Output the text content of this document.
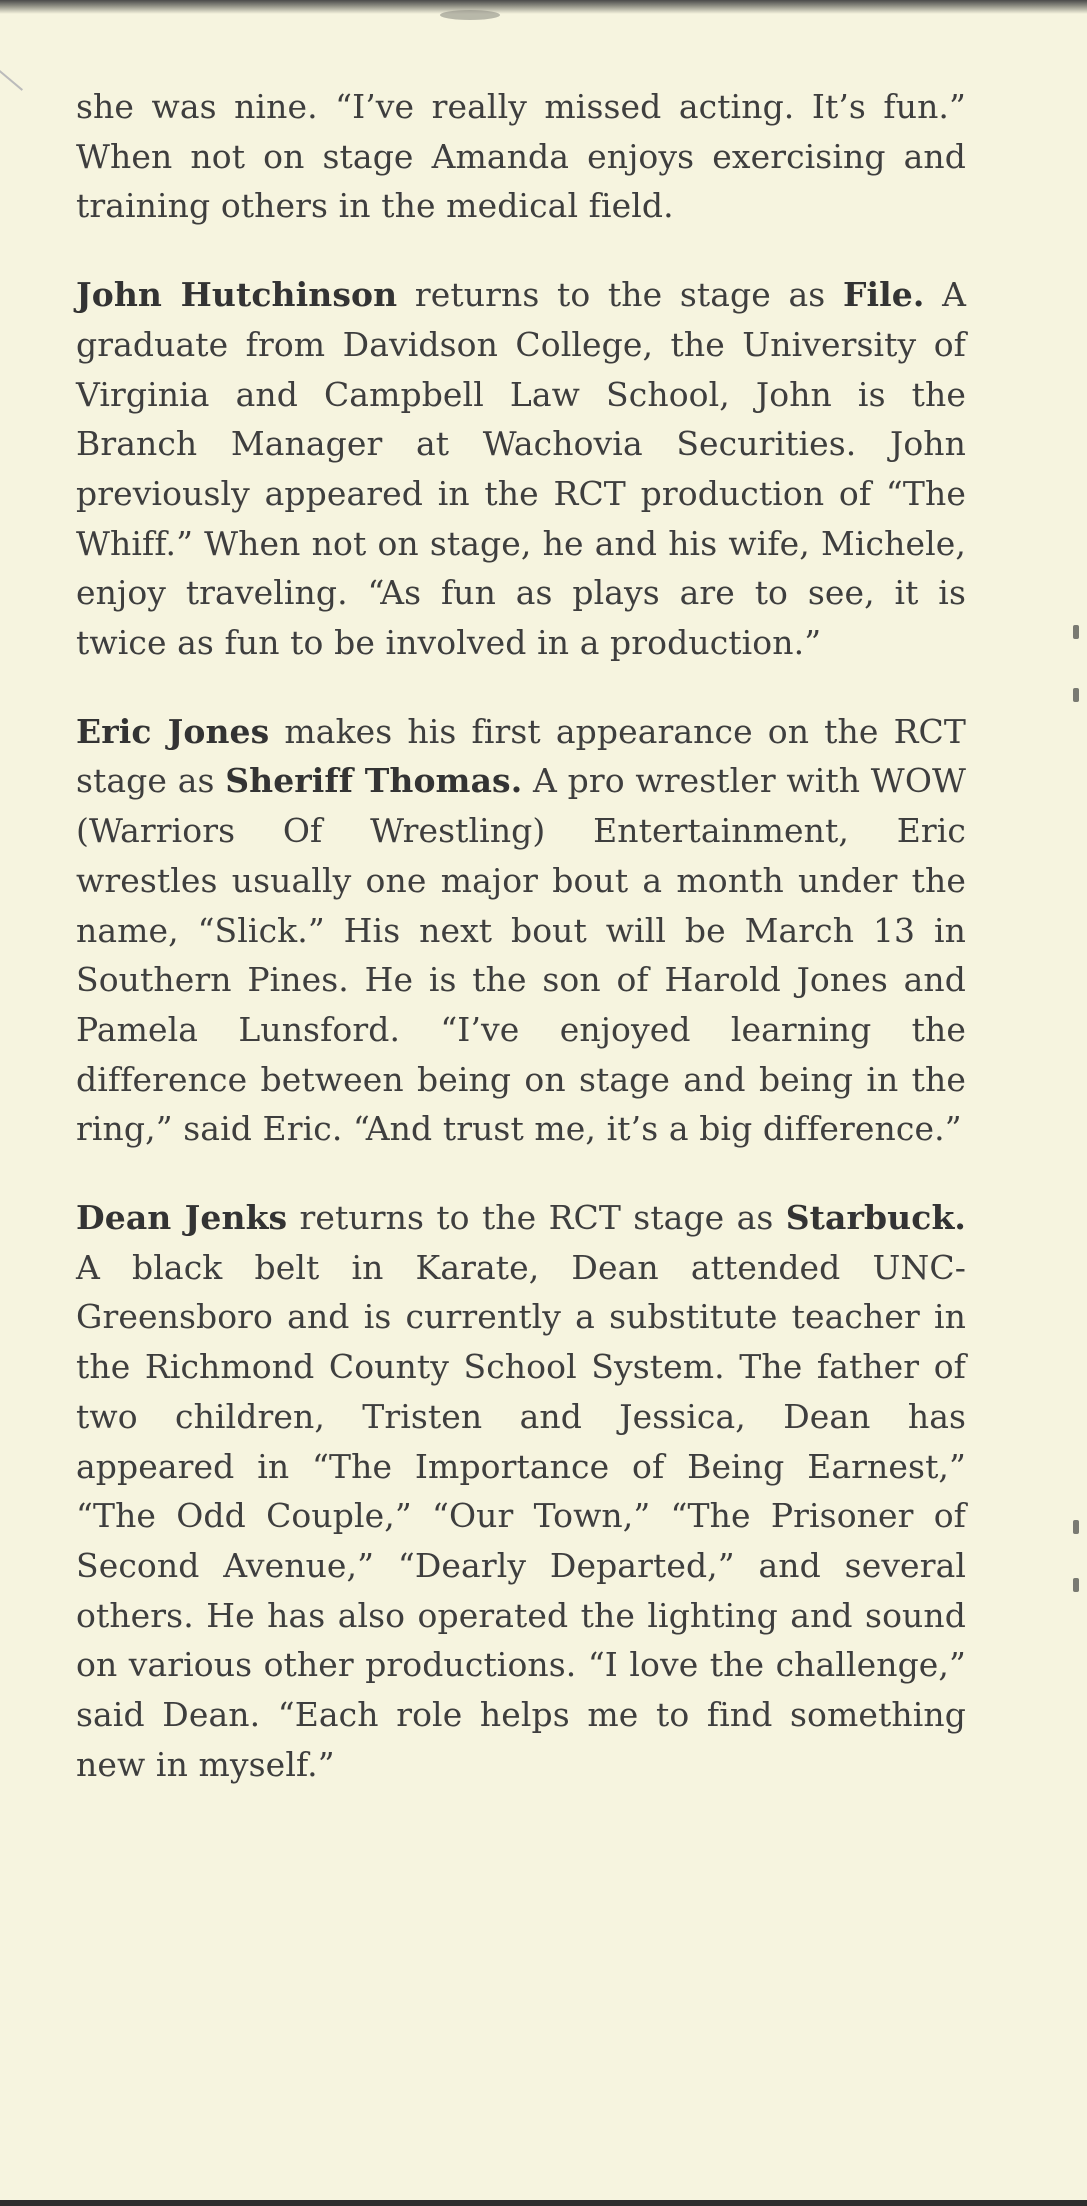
she was nine. “I’ve really missed acting. It’s fun.” When not on stage Amanda enjoys exercising and training others in the medical field.

John Hutchinson returns to the stage as File. A graduate from Davidson College, the University of Virginia and Campbell Law School, John is the Branch Manager at Wachovia Securities. John previously appeared in the RCT production of “The Whiff.” When not on stage, he and his wife, Michele, enjoy traveling. “As fun as plays are to see, it is twice as fun to be involved in a production.”

Eric Jones makes his first appearance on the RCT stage as Sheriff Thomas. A pro wrestler with WOW (Warriors Of Wrestling) Entertainment, Eric wrestles usually one major bout a month under the name, “Slick.” His next bout will be March 13 in Southern Pines. He is the son of Harold Jones and Pamela Lunsford. “I’ve enjoyed learning the difference between being on stage and being in the ring,” said Eric. “And trust me, it’s a big difference.”

Dean Jenks returns to the RCT stage as Starbuck. A black belt in Karate, Dean attended UNC-Greensboro and is currently a substitute teacher in the Richmond County School System. The father of two children, Tristen and Jessica, Dean has appeared in “The Importance of Being Earnest,” “The Odd Couple,” “Our Town,” “The Prisoner of Second Avenue,” “Dearly Departed,” and several others. He has also operated the lighting and sound on various other productions. “I love the challenge,” said Dean. “Each role helps me to find something new in myself.”
